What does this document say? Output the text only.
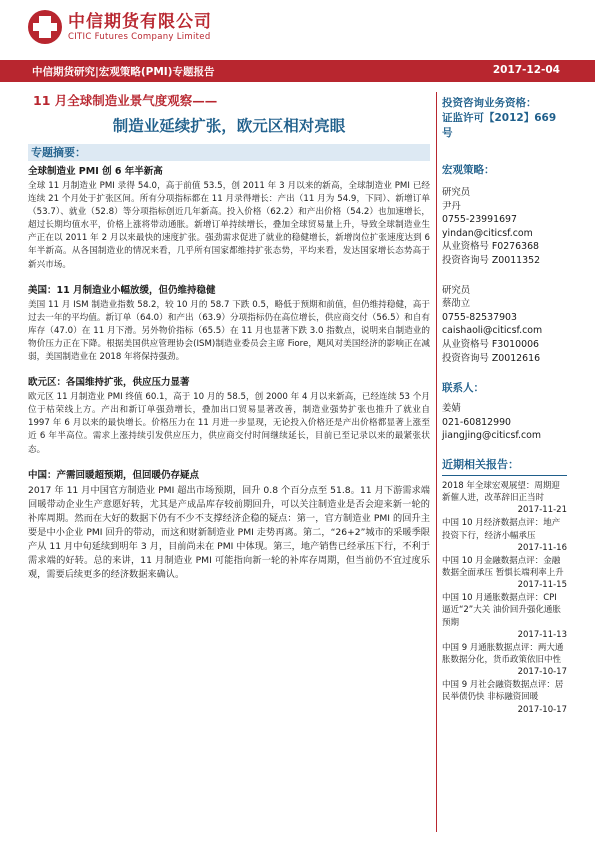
中信期货有限公司
CITIC Futures Company Limited
中信期货研究|宏观策略(PMI)专题报告	2017-12-04
11 月全球制造业景气度观察——
制造业延续扩张，欧元区相对亮眼
专题摘要：
全球制造业 PMI 创 6 年半新高
全球 11 月制造业 PMI 录得 54.0，高于前值 53.5，创 2011 年 3 月以来的新高，全球制造业 PMI 已经连续 21 个月处于扩张区间。所有分项指标都在 11 月录得增长：产出（11 月为 54.9，下同）、新增订单（53.7）、就业（52.8）等分项指标创近几年新高。投入价格（62.2）和产出价格（54.2）也加速增长，超过长期均值水平，价格上涨将带动通胀。新增订单持续增长，叠加全球贸易量上升，导致全球制造业生产正在以 2011 年 2 月以来最快的速度扩张。强劲需求促进了就业的稳健增长，新增岗位扩张速度达到 6 年半新高。从各国制造业的情况来看，几乎所有国家都维持扩张态势，平均来看，发达国家增长态势高于新兴市场。
美国：11 月制造业小幅放缓，但仍维持稳健
美国 11 月 ISM 制造业指数 58.2，较 10 月的 58.7 下跌 0.5，略低于预期和前值，但仍维持稳健，高于过去一年的平均值。新订单（64.0）和产出（63.9）分项指标仍在高位增长，供应商交付（56.5）和自有库存（47.0）在 11 月下滑。另外物价指标（65.5）在 11 月也显著下跌 3.0 指数点，说明来自制造业的物价压力正在下降。根据美国供应管理协会(ISM)制造业委员会主席 Fiore，飓风对美国经济的影响正在减弱，美国制造业在 2018 年将保持强劲。
欧元区：各国维持扩张，供应压力显著
欧元区 11 月制造业 PMI 终值 60.1，高于 10 月的 58.5，创 2000 年 4 月以来新高，已经连续 53 个月位于枯荣线上方。产出和新订单强劲增长，叠加出口贸易显著改善，制造业强势扩张也推升了就业自 1997 年 6 月以来的最快增长。价格压力在 11 月进一步显现，无论投入价格还是产出价格都显著上涨至近 6 年半高位。需求上涨持续引发供应压力，供应商交付时间继续延长，目前已至记录以来的最紧张状态。
中国：产需回暖超预期，但回暖仍存疑点
2017 年 11 月中国官方制造业 PMI 超出市场预期，回升 0.8 个百分点至 51.8。11 月下游需求端回暖带动企业生产意愿好转，尤其是产成品库存较前期回升，可以关注制造业是否会迎来新一轮的补库周期。然而在大好的数据下仍有不少不支撑经济企稳的疑点：第一，官方制造业 PMI 的回升主要是中小企业 PMI 回升的带动，而这和财新制造业 PMI 走势再离。第二，“26+2”城市的采暖季限产从 11 月中旬延续到明年 3 月，目前尚未在 PMI 中体现。第三，地产销售已经承压下行，不利于需求端的好转。总的来讲，11 月制造业 PMI 可能指向新一轮的补库存周期，但当前仍不宜过度乐观，需要后续更多的经济数据来确认。
投资咨询业务资格：
证监许可【2012】669 号
宏观策略：
研究员
尹丹
0755-23991697
yindan@citicsf.com
从业资格号 F0276368
投资咨询号 Z0011352
研究员
蔡劭立
0755-82537903
caishaoli@citicsf.com
从业资格号 F3010006
投资咨询号 Z0012616
联系人：
姜婧
021-60812990
jiangjing@citicsf.com
近期相关报告：
2018 年全球宏观展望：周期迎新催人进，改革辞旧正当时
2017-11-21
中国 10 月经济数据点评：地产投资下行，经济小幅承压
2017-11-16
中国 10 月金融数据点评：金融数据全面承压 暂惧长端利率上升
2017-11-15
中国 10 月通胀数据点评：CPI 逼近“2”大关 油价回升强化通胀预期
2017-11-13
中国 9 月通胀数据点评：两大通胀数据分化，货币政策依旧中性
2017-10-17
中国 9 月社会融资数据点评：居民举债仍快 非标融资回暖
2017-10-17
